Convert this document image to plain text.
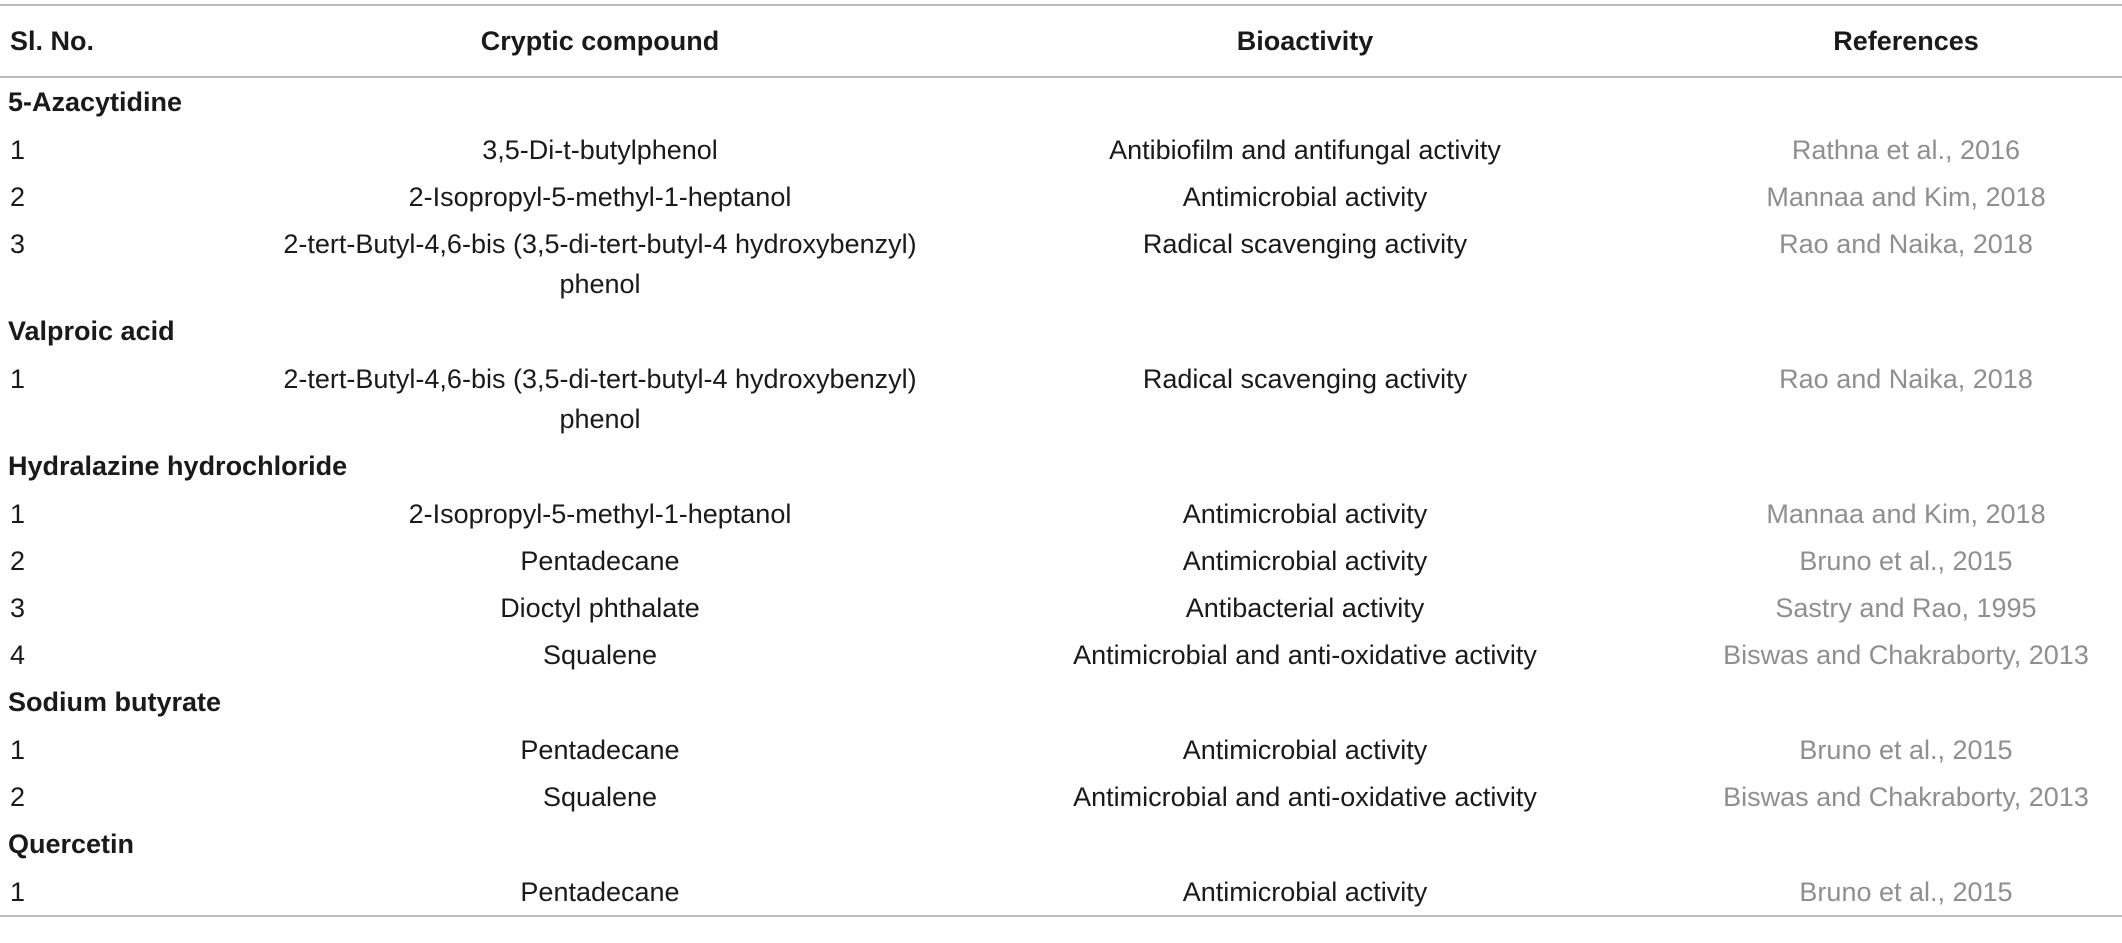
Sl. No.	Cryptic compound	Bioactivity	References
5-Azacytidine			
1	3,5-Di-t-butylphenol	Antibiofilm and antifungal activity	Rathna et al., 2016
2	2-Isopropyl-5-methyl-1-heptanol	Antimicrobial activity	Mannaa and Kim, 2018
3	2-tert-Butyl-4,6-bis (3,5-di-tert-butyl-4 hydroxybenzyl) phenol	Radical scavenging activity	Rao and Naika, 2018
Valproic acid			
1	2-tert-Butyl-4,6-bis (3,5-di-tert-butyl-4 hydroxybenzyl) phenol	Radical scavenging activity	Rao and Naika, 2018
Hydralazine hydrochloride			
1	2-Isopropyl-5-methyl-1-heptanol	Antimicrobial activity	Mannaa and Kim, 2018
2	Pentadecane	Antimicrobial activity	Bruno et al., 2015
3	Dioctyl phthalate	Antibacterial activity	Sastry and Rao, 1995
4	Squalene	Antimicrobial and anti-oxidative activity	Biswas and Chakraborty, 2013
Sodium butyrate			
1	Pentadecane	Antimicrobial activity	Bruno et al., 2015
2	Squalene	Antimicrobial and anti-oxidative activity	Biswas and Chakraborty, 2013
Quercetin			
1	Pentadecane	Antimicrobial activity	Bruno et al., 2015
